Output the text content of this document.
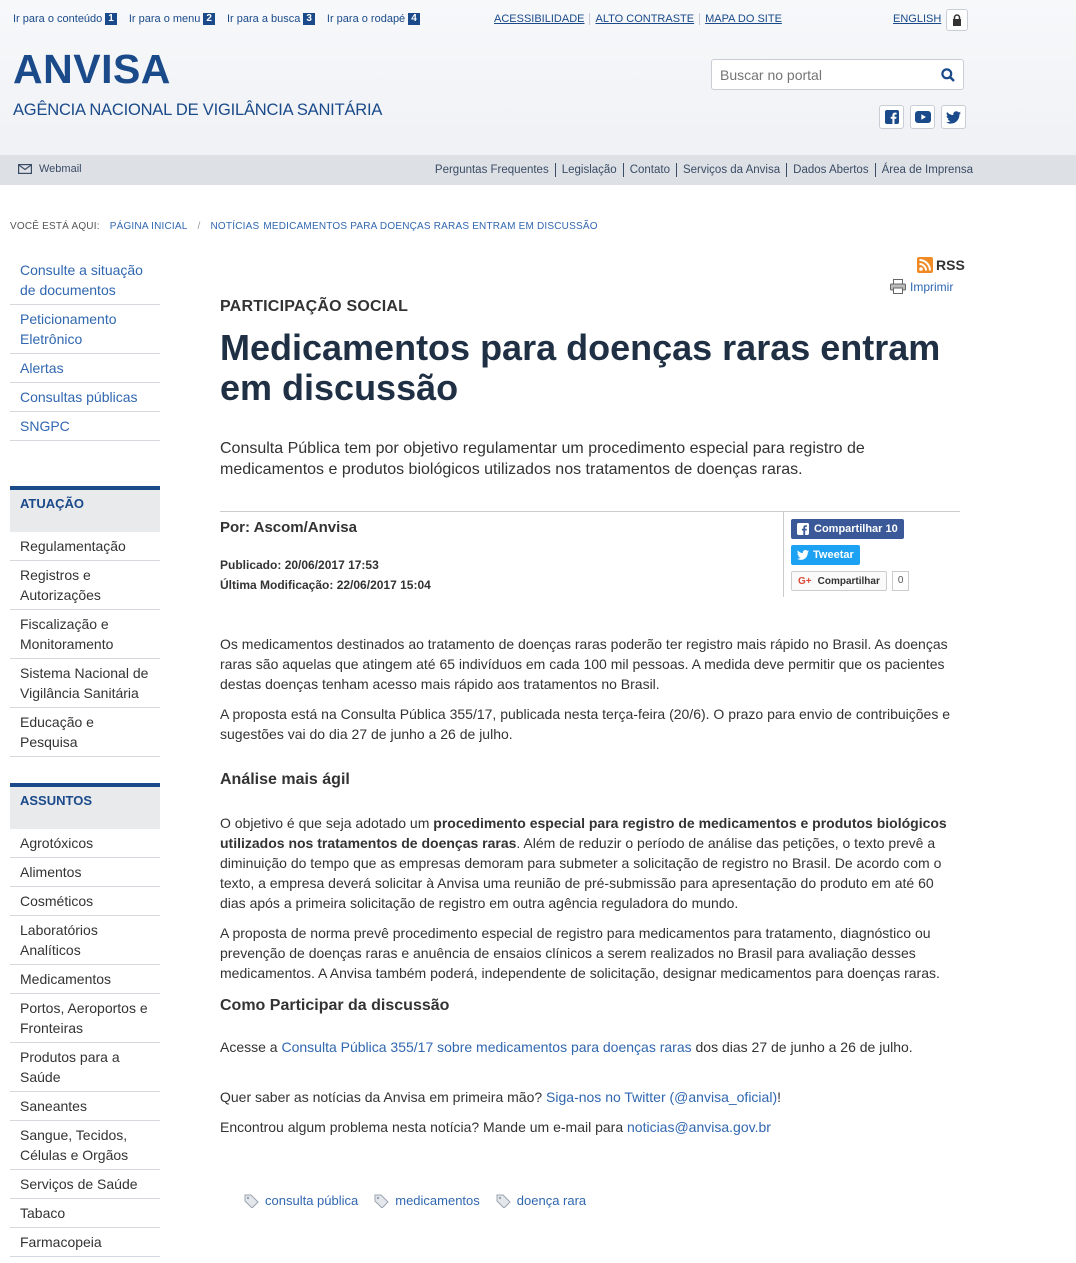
Ir para o conteúdo 1 Ir para o menu 2 Ir para a busca 3 Ir para o rodapé 4	ACESSIBILIDADE	ALTO CONTRASTE	MAPA DO SITE	ENGLISH
ANVISA
AGÊNCIA NACIONAL DE VIGILÂNCIA SANITÁRIA
Buscar no portal
Webmail	Perguntas Frequentes	Legislação	Contato	Serviços da Anvisa	Dados Abertos	Área de Imprensa
VOCÊ ESTÁ AQUI: PÁGINA INICIAL / NOTÍCIAS MEDICAMENTOS PARA DOENÇAS RARAS ENTRAM EM DISCUSSÃO
Consulte a situação de documentos
Peticionamento Eletrônico
Alertas
Consultas públicas
SNGPC
ATUAÇÃO
Regulamentação
Registros e Autorizações
Fiscalização e Monitoramento
Sistema Nacional de Vigilância Sanitária
Educação e Pesquisa
ASSUNTOS
Agrotóxicos
Alimentos
Cosméticos
Laboratórios Analíticos
Medicamentos
Portos, Aeroportos e Fronteiras
Produtos para a Saúde
Saneantes
Sangue, Tecidos, Células e Orgãos
Serviços de Saúde
Tabaco
Farmacopeia
RSS
Imprimir
PARTICIPAÇÃO SOCIAL
Medicamentos para doenças raras entram em discussão
Consulta Pública tem por objetivo regulamentar um procedimento especial para registro de medicamentos e produtos biológicos utilizados nos tratamentos de doenças raras.
Por: Ascom/Anvisa
Publicado: 20/06/2017 17:53
Última Modificação: 22/06/2017 15:04
Compartilhar 10
Tweetar
G+ Compartilhar	0

Os medicamentos destinados ao tratamento de doenças raras poderão ter registro mais rápido no Brasil. As doenças raras são aquelas que atingem até 65 indivíduos em cada 100 mil pessoas. A medida deve permitir que os pacientes destas doenças tenham acesso mais rápido aos tratamentos no Brasil.

A proposta está na Consulta Pública 355/17, publicada nesta terça-feira (20/6). O prazo para envio de contribuições e sugestões vai do dia 27 de junho a 26 de julho.

Análise mais ágil

O objetivo é que seja adotado um procedimento especial para registro de medicamentos e produtos biológicos utilizados nos tratamentos de doenças raras. Além de reduzir o período de análise das petições, o texto prevê a diminuição do tempo que as empresas demoram para submeter a solicitação de registro no Brasil. De acordo com o texto, a empresa deverá solicitar à Anvisa uma reunião de pré-submissão para apresentação do produto em até 60 dias após a primeira solicitação de registro em outra agência reguladora do mundo.

A proposta de norma prevê procedimento especial de registro para medicamentos para tratamento, diagnóstico ou prevenção de doenças raras e anuência de ensaios clínicos a serem realizados no Brasil para avaliação desses medicamentos. A Anvisa também poderá, independente de solicitação, designar medicamentos para doenças raras.

Como Participar da discussão

Acesse a Consulta Pública 355/17 sobre medicamentos para doenças raras dos dias 27 de junho a 26 de julho.

Quer saber as notícias da Anvisa em primeira mão? Siga-nos no Twitter (@anvisa_oficial)!

Encontrou algum problema nesta notícia? Mande um e-mail para noticias@anvisa.gov.br

consulta pública	medicamentos	doença rara
